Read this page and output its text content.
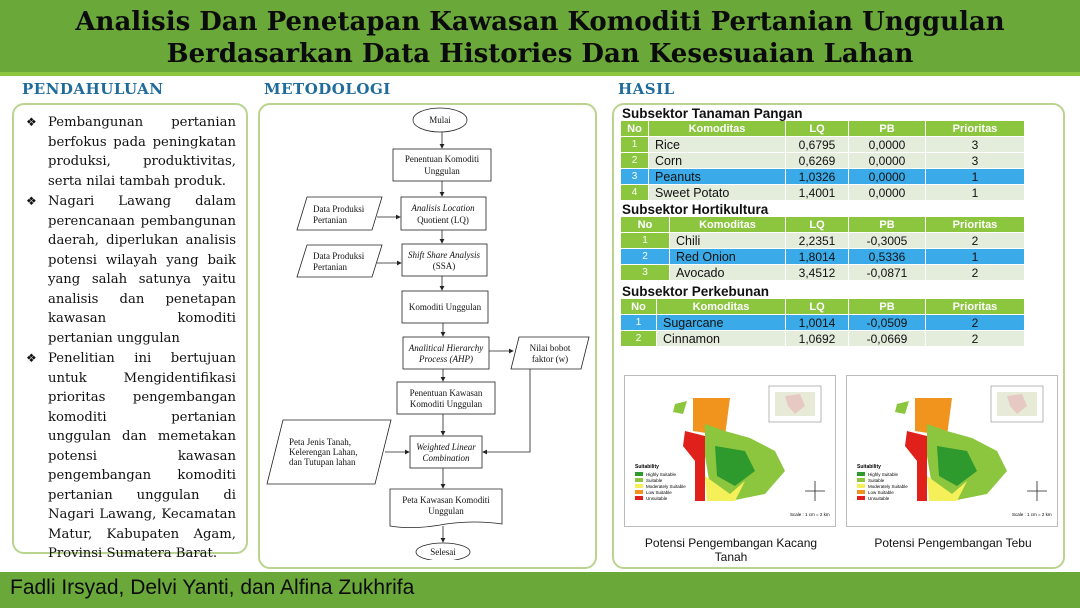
Analisis Dan Penetapan Kawasan Komoditi Pertanian Unggulan
Berdasarkan Data Histories Dan Kesesuaian Lahan
PENDAHULUAN	METODOLOGI	HASIL
❖ Pembangunan pertanian berfokus pada peningkatan produksi, produktivitas, serta nilai tambah produk.
❖ Nagari Lawang dalam perencanaan pembangunan daerah, diperlukan analisis potensi wilayah yang baik yang salah satunya yaitu analisis dan penetapan kawasan komoditi pertanian unggulan
❖ Penelitian ini bertujuan untuk Mengidentifikasi prioritas pengembangan komoditi pertanian unggulan dan memetakan potensi kawasan pengembangan komoditi pertanian unggulan di Nagari Lawang, Kecamatan Matur, Kabupaten Agam, Provinsi Sumatera Barat.
Mulai
Penentuan Komoditi
Unggulan
Data Produksi
Pertanian
Analisis Location
Quotient (LQ)
Data Produksi
Pertanian
Shift Share Analysis
(SSA)
Komoditi Unggulan
Analitical Hierarchy
Process (AHP)
Nilai bobot
faktor (w)
Penentuan Kawasan
Komoditi Unggulan
Peta Jenis Tanah,
Kelerengan Lahan,
dan Tutupan lahan
Weighted Linear
Combination
Peta Kawasan Komoditi
Unggulan
Selesai
Subsektor Tanaman Pangan
No	Komoditas	LQ	PB	Prioritas
1	Rice	0,6795	0,0000	3
2	Corn	0,6269	0,0000	3
3	Peanuts	1,0326	0,0000	1
4	Sweet Potato	1,4001	0,0000	1
Subsektor Hortikultura
No	Komoditas	LQ	PB	Prioritas
1	Chili	2,2351	-0,3005	2
2	Red Onion	1,8014	0,5336	1
3	Avocado	3,4512	-0,0871	2
Subsektor Perkebunan
No	Komoditas	LQ	PB	Prioritas
1	Sugarcane	1,0014	-0,0509	2
2	Cinnamon	1,0692	-0,0669	2
Suitability
Highly Suitable
Suitable
Moderately Suitable
Low Suitable
Unsuitable
Scale : 1 cm = 2 km
Suitability
Highly Suitable
Suitable
Moderately Suitable
Low Suitable
Unsuitable
Scale : 1 cm = 2 km
Potensi Pengembangan Kacang Tanah
Potensi Pengembangan Tebu
Fadli Irsyad, Delvi Yanti, dan Alfina Zukhrifa
